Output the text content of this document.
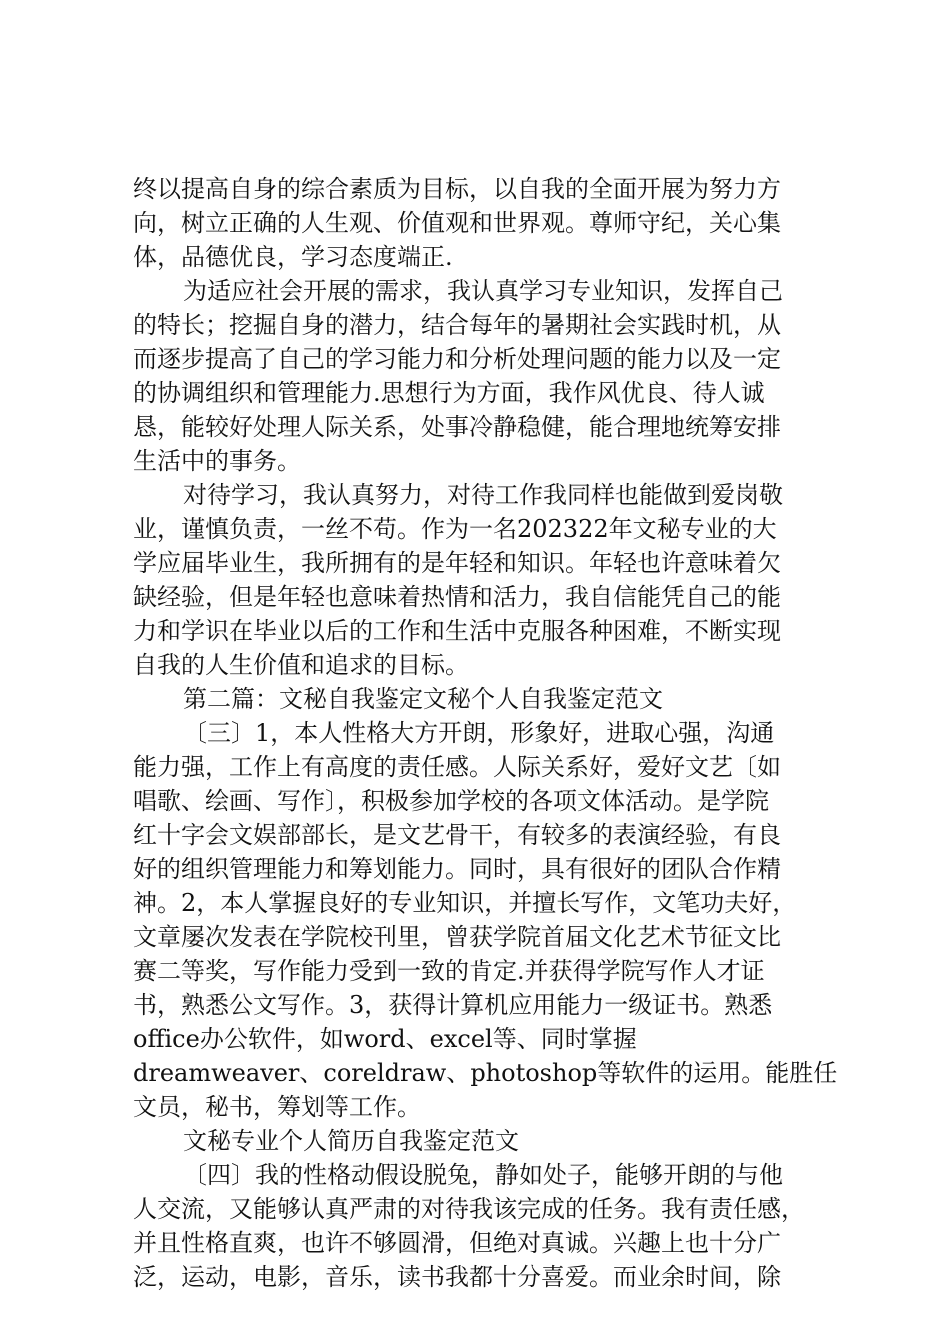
终以提高自身的综合素质为目标，以自我的全面开展为努力方
向，树立正确的人生观、价值观和世界观。尊师守纪，关心集
体，品德优良，学习态度端正.
为适应社会开展的需求，我认真学习专业知识，发挥自己
的特长；挖掘自身的潜力，结合每年的暑期社会实践时机，从
而逐步提高了自己的学习能力和分析处理问题的能力以及一定
的协调组织和管理能力.思想行为方面，我作风优良、待人诚
恳，能较好处理人际关系，处事冷静稳健，能合理地统筹安排
生活中的事务。
对待学习，我认真努力，对待工作我同样也能做到爱岗敬
业，谨慎负责，一丝不苟。作为一名202322年文秘专业的大
学应届毕业生，我所拥有的是年轻和知识。年轻也许意味着欠
缺经验，但是年轻也意味着热情和活力，我自信能凭自己的能
力和学识在毕业以后的工作和生活中克服各种困难，不断实现
自我的人生价值和追求的目标。
第二篇：文秘自我鉴定文秘个人自我鉴定范文
〔三〕1，本人性格大方开朗，形象好，进取心强，沟通
能力强，工作上有高度的责任感。人际关系好，爱好文艺〔如
唱歌、绘画、写作〕，积极参加学校的各项文体活动。是学院
红十字会文娱部部长，是文艺骨干，有较多的表演经验，有良
好的组织管理能力和筹划能力。同时，具有很好的团队合作精
神。2，本人掌握良好的专业知识，并擅长写作，文笔功夫好，
文章屡次发表在学院校刊里，曾获学院首届文化艺术节征文比
赛二等奖，写作能力受到一致的肯定.并获得学院写作人才证
书，熟悉公文写作。3，获得计算机应用能力一级证书。熟悉
office办公软件，如word、excel等、同时掌握
dreamweaver、coreldraw、photoshop等软件的运用。能胜任
文员，秘书，筹划等工作。
文秘专业个人简历自我鉴定范文
〔四〕我的性格动假设脱兔，静如处子，能够开朗的与他
人交流，又能够认真严肃的对待我该完成的任务。我有责任感，
并且性格直爽，也许不够圆滑，但绝对真诚。兴趣上也十分广
泛，运动，电影，音乐，读书我都十分喜爱。而业余时间，除
